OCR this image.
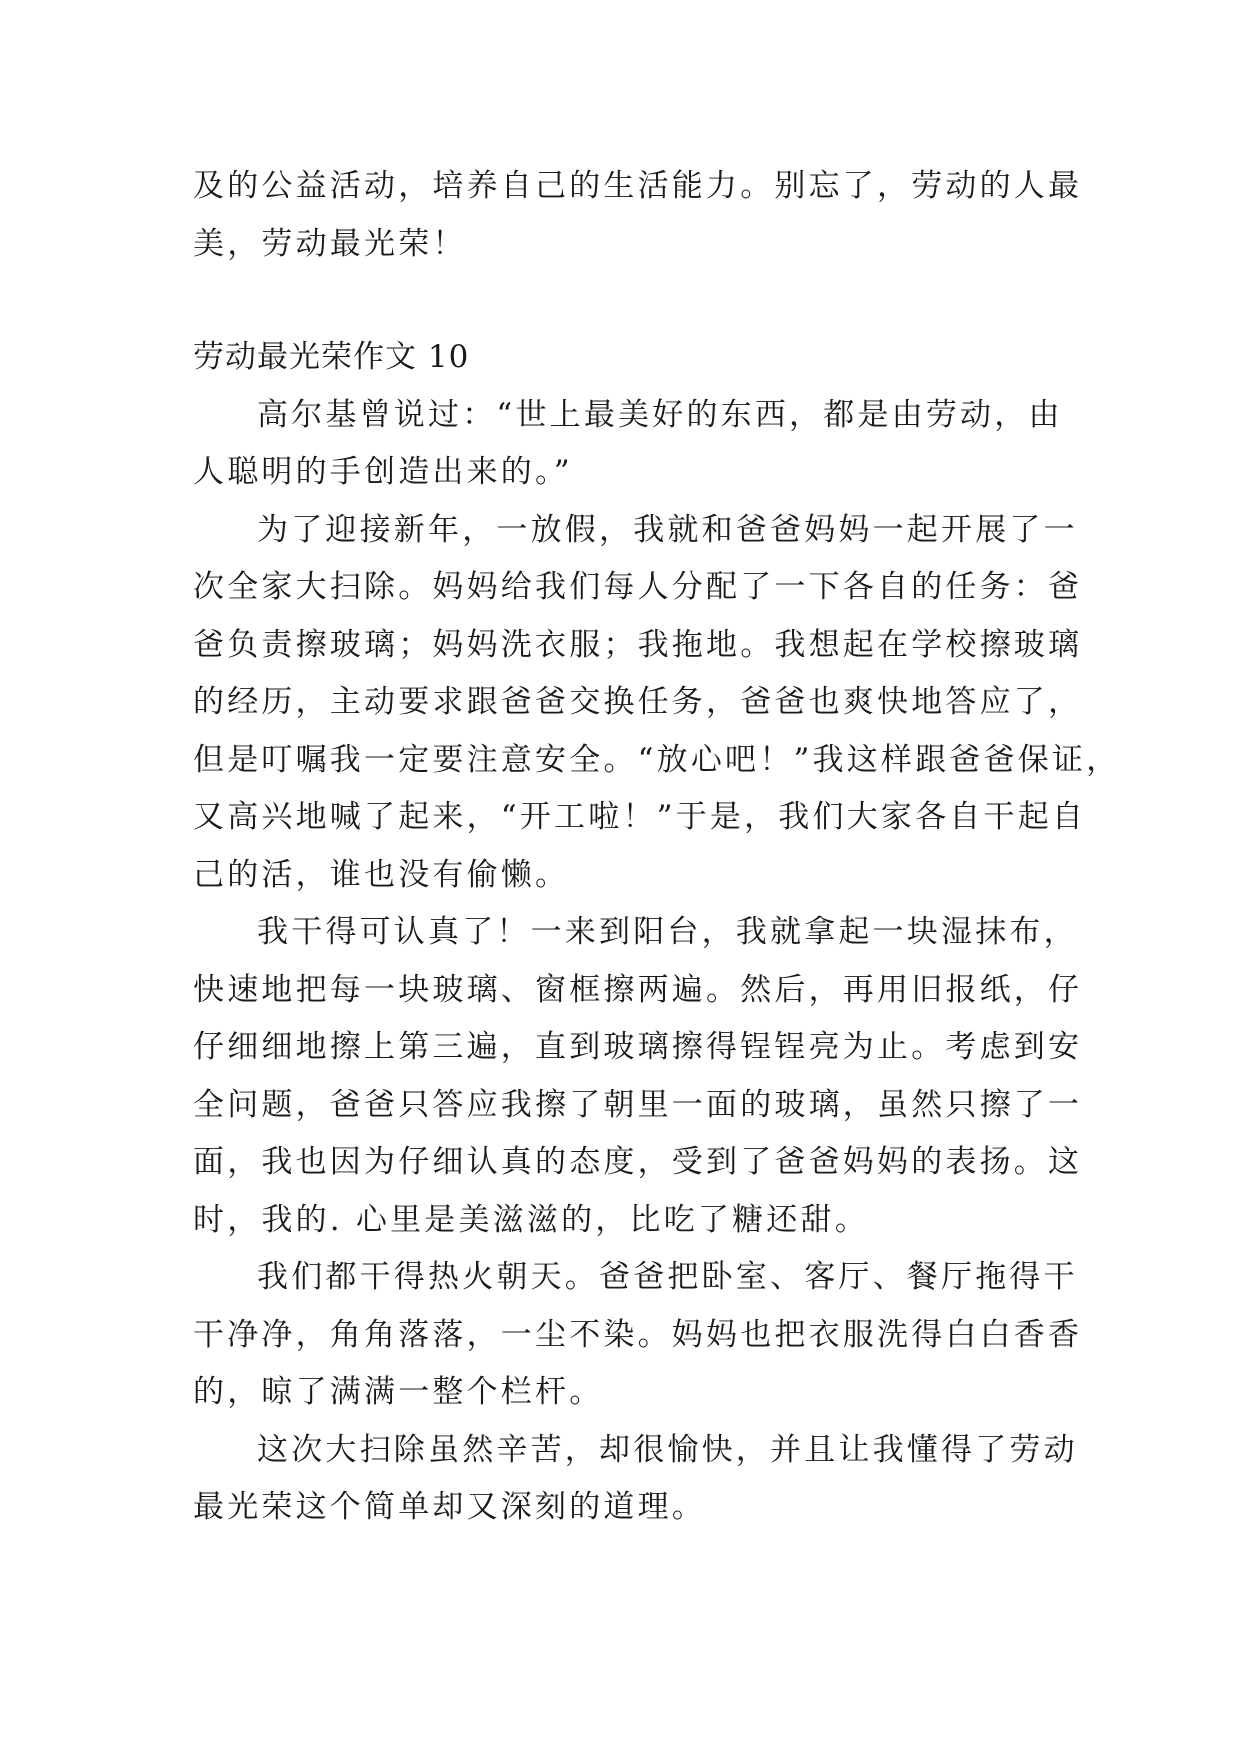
及的公益活动，培养自己的生活能力。别忘了，劳动的人最

美，劳动最光荣！

劳动最光荣作文 10

高尔基曾说过：“世上最美好的东西，都是由劳动，由

人聪明的手创造出来的。”

为了迎接新年，一放假，我就和爸爸妈妈一起开展了一

次全家大扫除。妈妈给我们每人分配了一下各自的任务：爸

爸负责擦玻璃；妈妈洗衣服；我拖地。我想起在学校擦玻璃

的经历，主动要求跟爸爸交换任务，爸爸也爽快地答应了，

但是叮嘱我一定要注意安全。“放心吧！”我这样跟爸爸保证，

又高兴地喊了起来，“开工啦！”于是，我们大家各自干起自

己的活，谁也没有偷懒。

我干得可认真了！一来到阳台，我就拿起一块湿抹布，

快速地把每一块玻璃、窗框擦两遍。然后，再用旧报纸，仔

仔细细地擦上第三遍，直到玻璃擦得锃锃亮为止。考虑到安

全问题，爸爸只答应我擦了朝里一面的玻璃，虽然只擦了一

面，我也因为仔细认真的态度，受到了爸爸妈妈的表扬。这

时，我的. 心里是美滋滋的，比吃了糖还甜。

我们都干得热火朝天。爸爸把卧室、客厅、餐厅拖得干

干净净，角角落落，一尘不染。妈妈也把衣服洗得白白香香

的，晾了满满一整个栏杆。

这次大扫除虽然辛苦，却很愉快，并且让我懂得了劳动

最光荣这个简单却又深刻的道理。
